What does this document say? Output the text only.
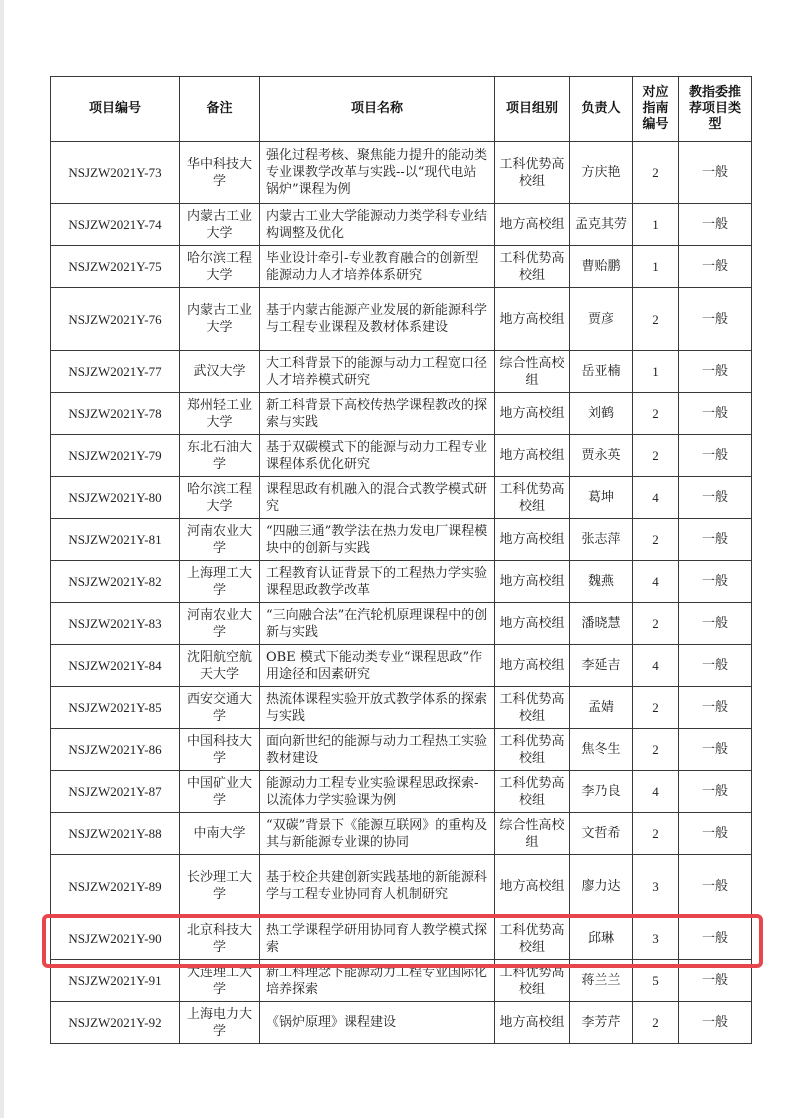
项目编号	备注	项目名称	项目组别	负责人	对应指南编号	教指委推荐项目类型
NSJZW2021Y-73	华中科技大学	强化过程考核、聚焦能力提升的能动类专业课教学改革与实践--以“现代电站锅炉”课程为例	工科优势高校组	方庆艳	2	一般
NSJZW2021Y-74	内蒙古工业大学	内蒙古工业大学能源动力类学科专业结构调整及优化	地方高校组	孟克其劳	1	一般
NSJZW2021Y-75	哈尔滨工程大学	毕业设计牵引-专业教育融合的创新型能源动力人才培养体系研究	工科优势高校组	曹贻鹏	1	一般
NSJZW2021Y-76	内蒙古工业大学	基于内蒙古能源产业发展的新能源科学与工程专业课程及教材体系建设	地方高校组	贾彦	2	一般
NSJZW2021Y-77	武汉大学	大工科背景下的能源与动力工程宽口径人才培养模式研究	综合性高校组	岳亚楠	1	一般
NSJZW2021Y-78	郑州轻工业大学	新工科背景下高校传热学课程教改的探索与实践	地方高校组	刘鹤	2	一般
NSJZW2021Y-79	东北石油大学	基于双碳模式下的能源与动力工程专业课程体系优化研究	地方高校组	贾永英	2	一般
NSJZW2021Y-80	哈尔滨工程大学	课程思政有机融入的混合式教学模式研究	工科优势高校组	葛坤	4	一般
NSJZW2021Y-81	河南农业大学	“四融三通”教学法在热力发电厂课程模块中的创新与实践	地方高校组	张志萍	2	一般
NSJZW2021Y-82	上海理工大学	工程教育认证背景下的工程热力学实验课程思政教学改革	地方高校组	魏燕	4	一般
NSJZW2021Y-83	河南农业大学	“三向融合法”在汽轮机原理课程中的创新与实践	地方高校组	潘晓慧	2	一般
NSJZW2021Y-84	沈阳航空航天大学	OBE 模式下能动类专业“课程思政”作用途径和因素研究	地方高校组	李延吉	4	一般
NSJZW2021Y-85	西安交通大学	热流体课程实验开放式教学体系的探索与实践	工科优势高校组	孟婧	2	一般
NSJZW2021Y-86	中国科技大学	面向新世纪的能源与动力工程热工实验教材建设	工科优势高校组	焦冬生	2	一般
NSJZW2021Y-87	中国矿业大学	能源动力工程专业实验课程思政探索-以流体力学实验课为例	工科优势高校组	李乃良	4	一般
NSJZW2021Y-88	中南大学	“双碳”背景下《能源互联网》的重构及其与新能源专业课的协同	综合性高校组	文哲希	2	一般
NSJZW2021Y-89	长沙理工大学	基于校企共建创新实践基地的新能源科学与工程专业协同育人机制研究	地方高校组	廖力达	3	一般
NSJZW2021Y-90	北京科技大学	热工学课程学研用协同育人教学模式探索	工科优势高校组	邱琳	3	一般
NSJZW2021Y-91	大连理工大学	新工科理念下能源动力工程专业国际化培养探索	工科优势高校组	蒋兰兰	5	一般
NSJZW2021Y-92	上海电力大学	《锅炉原理》课程建设	地方高校组	李芳芹	2	一般
